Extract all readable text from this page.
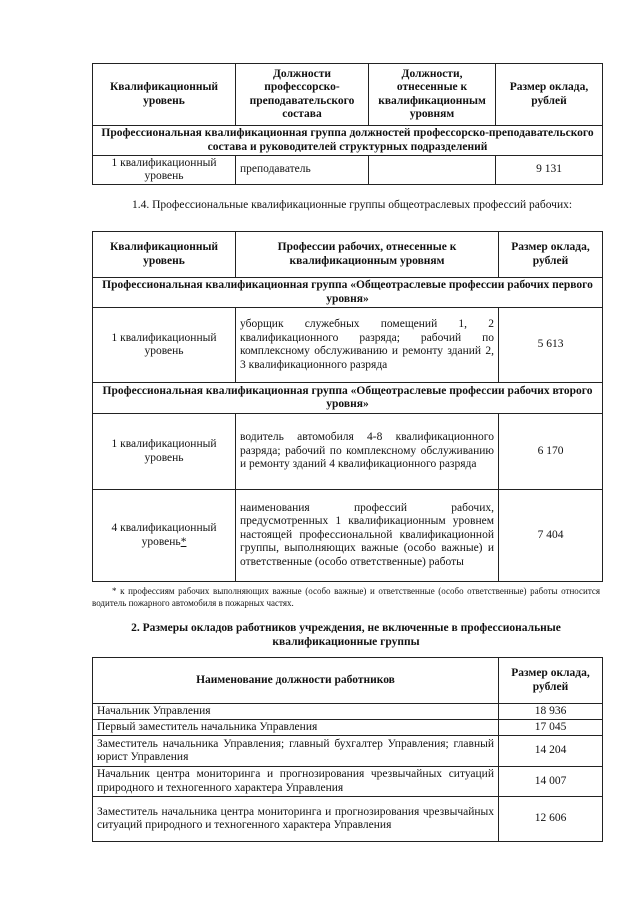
Квалификационный уровень	Должности профессорско-преподавательского состава	Должности, отнесенные к квалификационным уровням	Размер оклада, рублей
Профессиональная квалификационная группа должностей профессорско-преподавательского состава и руководителей структурных подразделений			
1 квалификационный уровень	преподаватель		9 131

1.4. Профессиональные квалификационные группы общеотраслевых профессий рабочих:

Квалификационный уровень	Профессии рабочих, отнесенные к квалификационным уровням	Размер оклада, рублей
Профессиональная квалификационная группа «Общеотраслевые профессии рабочих первого уровня»		
1 квалификационный уровень	уборщик служебных помещений 1, 2 квалификационного разряда; рабочий по комплексному обслуживанию и ремонту зданий 2, 3 квалификационного разряда	5 613
Профессиональная квалификационная группа «Общеотраслевые профессии рабочих второго уровня»		
1 квалификационный уровень	водитель автомобиля 4-8 квалификационного разряда; рабочий по комплексному обслуживанию и ремонту зданий 4 квалификационного разряда	6 170
4 квалификационный уровень*	наименования профессий рабочих, предусмотренных 1 квалификационным уровнем настоящей профессиональной квалификационной группы, выполняющих важные (особо важные) и ответственные (особо ответственные) работы	7 404

* к профессиям рабочих выполняющих важные (особо важные) и ответственные (особо ответственные) работы относится водитель пожарного автомобиля в пожарных частях.

2. Размеры окладов работников учреждения, не включенные в профессиональные квалификационные группы

Наименование должности работников	Размер оклада, рублей
Начальник Управления	18 936
Первый заместитель начальника Управления	17 045
Заместитель начальника Управления; главный бухгалтер Управления; главный юрист Управления	14 204
Начальник центра мониторинга и прогнозирования чрезвычайных ситуаций природного и техногенного характера Управления	14 007
Заместитель начальника центра мониторинга и прогнозирования чрезвычайных ситуаций природного и техногенного характера Управления	12 606
